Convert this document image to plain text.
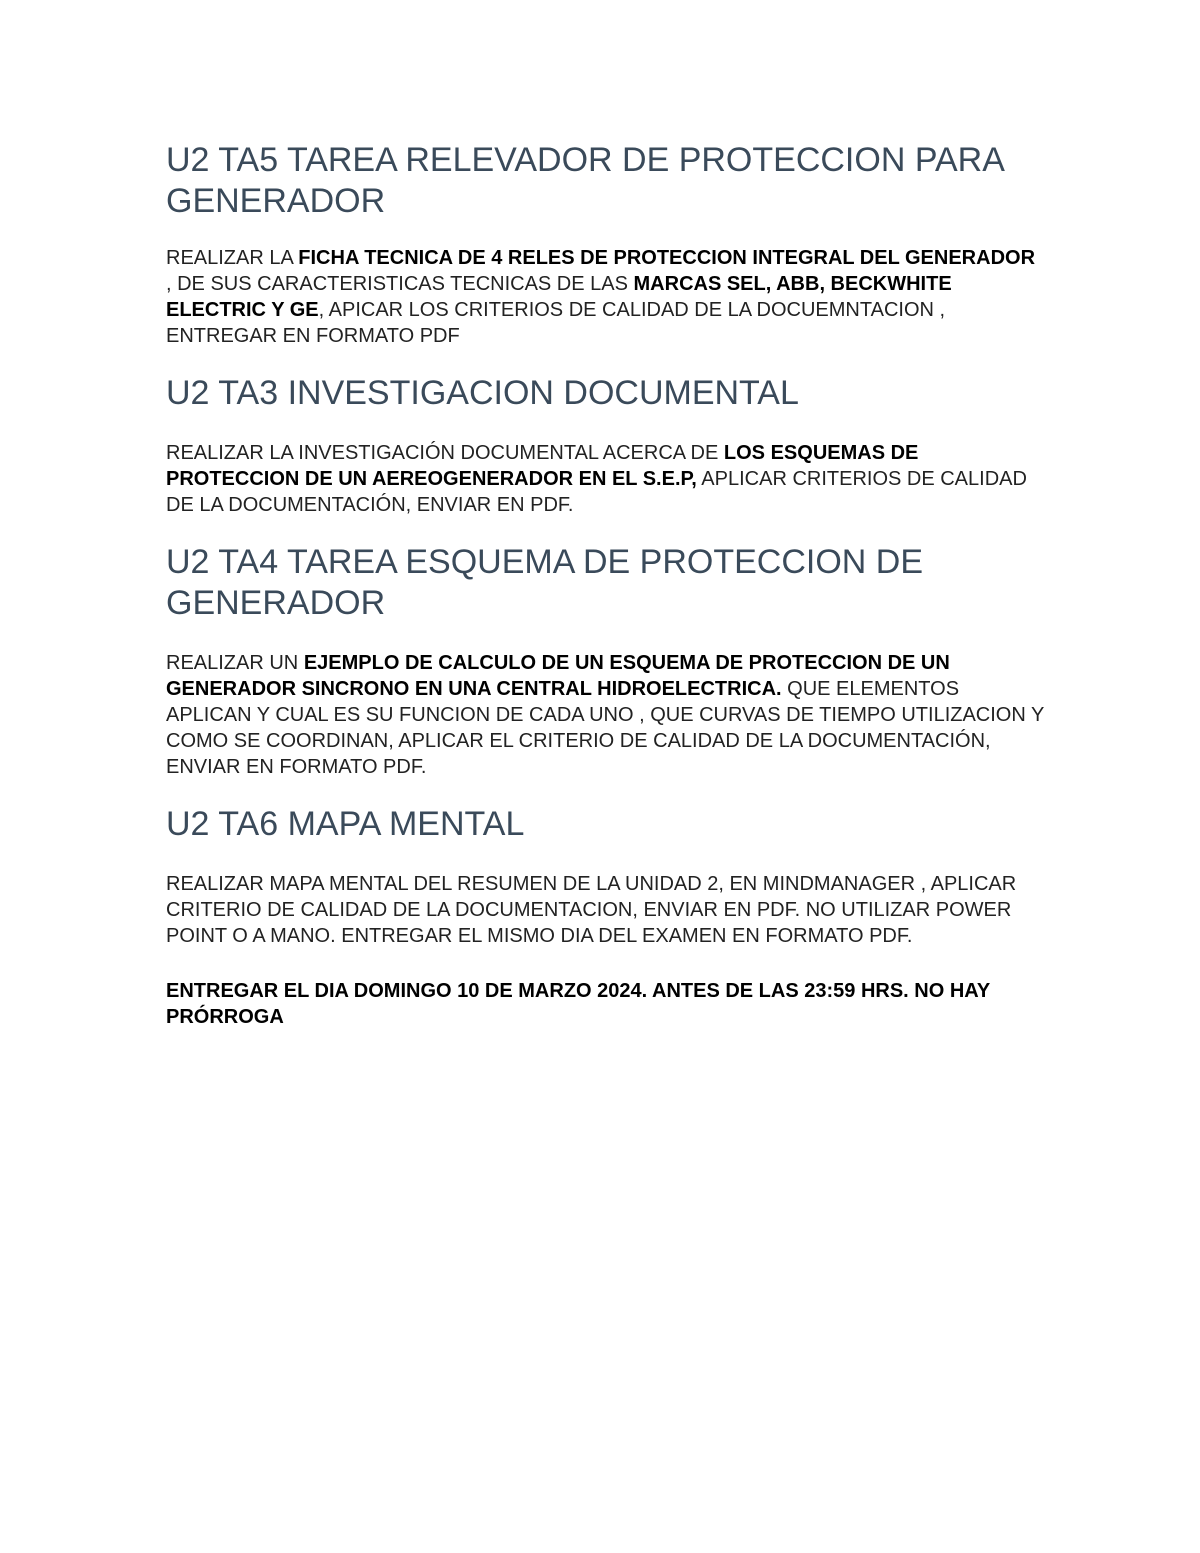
U2 TA5 TAREA RELEVADOR DE PROTECCION PARA GENERADOR

REALIZAR LA FICHA TECNICA DE 4 RELES DE PROTECCION INTEGRAL DEL GENERADOR , DE SUS CARACTERISTICAS TECNICAS DE LAS MARCAS SEL, ABB, BECKWHITE ELECTRIC Y GE, APICAR LOS CRITERIOS DE CALIDAD DE LA DOCUEMNTACION , ENTREGAR EN FORMATO PDF

U2 TA3 INVESTIGACION DOCUMENTAL

REALIZAR LA INVESTIGACIÓN DOCUMENTAL ACERCA DE LOS ESQUEMAS DE PROTECCION DE UN AEREOGENERADOR EN EL S.E.P, APLICAR CRITERIOS DE CALIDAD DE LA DOCUMENTACIÓN, ENVIAR EN PDF.

U2 TA4 TAREA ESQUEMA DE PROTECCION DE GENERADOR

REALIZAR UN EJEMPLO DE CALCULO DE UN ESQUEMA DE PROTECCION DE UN GENERADOR SINCRONO EN UNA CENTRAL HIDROELECTRICA. QUE ELEMENTOS APLICAN Y CUAL ES SU FUNCION DE CADA UNO , QUE CURVAS DE TIEMPO UTILIZACION Y COMO SE COORDINAN, APLICAR EL CRITERIO DE CALIDAD DE LA DOCUMENTACIÓN, ENVIAR EN FORMATO PDF.

U2 TA6 MAPA MENTAL

REALIZAR MAPA MENTAL DEL RESUMEN DE LA UNIDAD 2, EN MINDMANAGER , APLICAR CRITERIO DE CALIDAD DE LA DOCUMENTACION, ENVIAR EN PDF. NO UTILIZAR POWER POINT O A MANO. ENTREGAR EL MISMO DIA DEL EXAMEN EN FORMATO PDF.

ENTREGAR EL DIA DOMINGO 10 DE MARZO 2024. ANTES DE LAS 23:59 HRS. NO HAY PRÓRROGA
